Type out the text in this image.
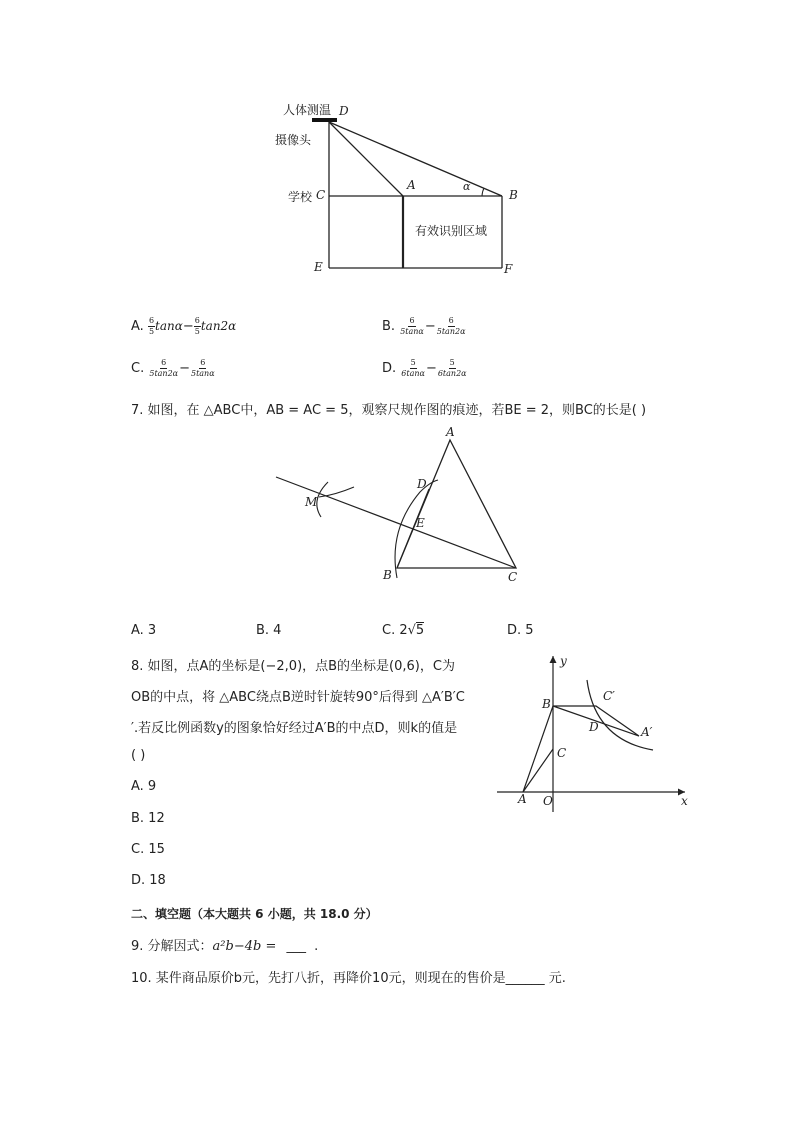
人体测温 D
摄像头
学校 C
A	α
B
有效识别区域
E	F
A. $\frac{6}{5} \tan\alpha- \frac{6}{5} \tan 2\alpha$	B. $\frac{6}{5\tan\alpha} - \frac{6}{5\tan 2\alpha}$
C. $\frac{6}{5\tan 2\alpha} - \frac{6}{5\tan\alpha}$	D. $\frac{5}{6\tan\alpha} - \frac{5}{6\tan 2\alpha}$
7. 如图，在 △ABC中，AB = AC = 5，观察尺规作图的痕迹，若BE = 2，则BC的长是( )
A
D
M
E
B	C
A. 3	B. 4	C. 2√5	D. 5
8. 如图，点A的坐标是(−2,0)，点B的坐标是(0,6)，C为
OB的中点，将 △ABC绕点B逆时针旋转90°后得到 △A′B′C
′.若反比例函数y的图象恰好经过A′B的中点D，则k的值是
( )
A. 9
B. 12
C. 15
D. 18
y
B
C′
D	A′
C
A O	x
二、填空题（本大题共 6 小题，共 18.0 分）
9. 分解因式：a²b−4b = ___ .
10. 某件商品原价b元，先打八折，再降价10元，则现在的售价是______ 元.
